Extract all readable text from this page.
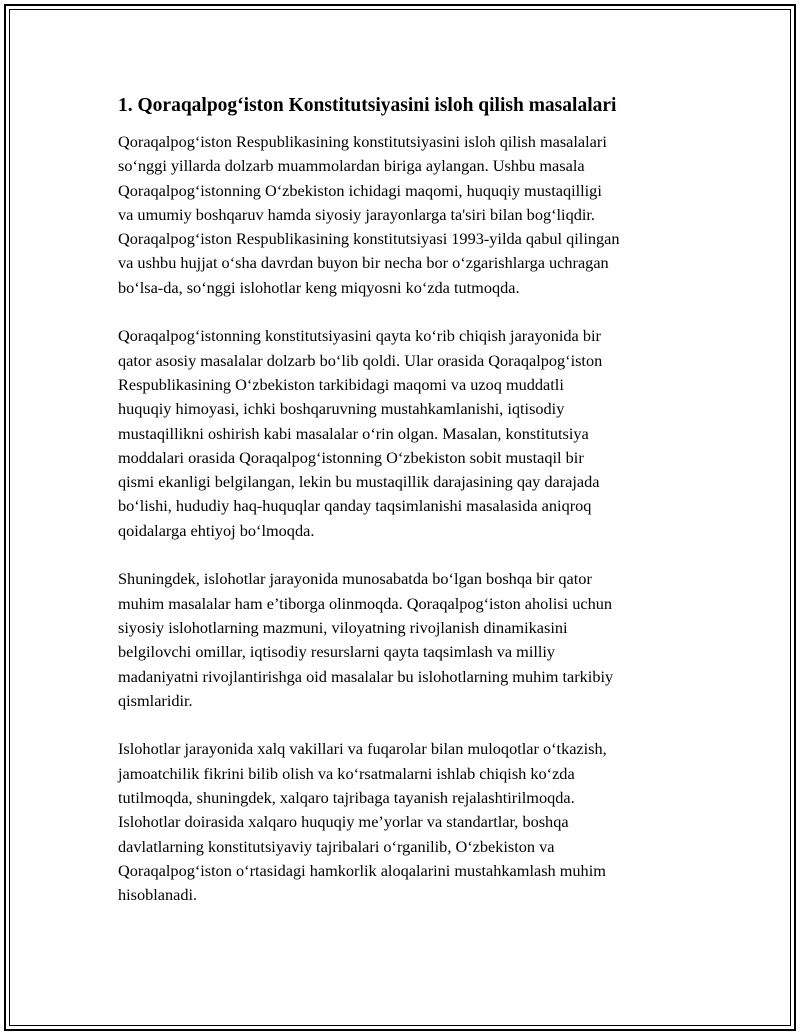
1. Qoraqalpog‘iston Konstitutsiyasini isloh qilish masalalari

Qoraqalpog‘iston Respublikasining konstitutsiyasini isloh qilish masalalari
so‘nggi yillarda dolzarb muammolardan biriga aylangan. Ushbu masala
Qoraqalpog‘istonning O‘zbekiston ichidagi maqomi, huquqiy mustaqilligi
va umumiy boshqaruv hamda siyosiy jarayonlarga ta'siri bilan bog‘liqdir.
Qoraqalpog‘iston Respublikasining konstitutsiyasi 1993-yilda qabul qilingan
va ushbu hujjat o‘sha davrdan buyon bir necha bor o‘zgarishlarga uchragan
bo‘lsa-da, so‘nggi islohotlar keng miqyosni ko‘zda tutmoqda.

Qoraqalpog‘istonning konstitutsiyasini qayta ko‘rib chiqish jarayonida bir
qator asosiy masalalar dolzarb bo‘lib qoldi. Ular orasida Qoraqalpog‘iston
Respublikasining O‘zbekiston tarkibidagi maqomi va uzoq muddatli
huquqiy himoyasi, ichki boshqaruvning mustahkamlanishi, iqtisodiy
mustaqillikni oshirish kabi masalalar o‘rin olgan. Masalan, konstitutsiya
moddalari orasida Qoraqalpog‘istonning O‘zbekiston sobit mustaqil bir
qismi ekanligi belgilangan, lekin bu mustaqillik darajasining qay darajada
bo‘lishi, hududiy haq-huquqlar qanday taqsimlanishi masalasida aniqroq
qoidalarga ehtiyoj bo‘lmoqda.

Shuningdek, islohotlar jarayonida munosabatda bo‘lgan boshqa bir qator
muhim masalalar ham e’tiborga olinmoqda. Qoraqalpog‘iston aholisi uchun
siyosiy islohotlarning mazmuni, viloyatning rivojlanish dinamikasini
belgilovchi omillar, iqtisodiy resurslarni qayta taqsimlash va milliy
madaniyatni rivojlantirishga oid masalalar bu islohotlarning muhim tarkibiy
qismlaridir.

Islohotlar jarayonida xalq vakillari va fuqarolar bilan muloqotlar o‘tkazish,
jamoatchilik fikrini bilib olish va ko‘rsatmalarni ishlab chiqish ko‘zda
tutilmoqda, shuningdek, xalqaro tajribaga tayanish rejalashtirilmoqda.
Islohotlar doirasida xalqaro huquqiy me’yorlar va standartlar, boshqa
davlatlarning konstitutsiyaviy tajribalari o‘rganilib, O‘zbekiston va
Qoraqalpog‘iston o‘rtasidagi hamkorlik aloqalarini mustahkamlash muhim
hisoblanadi.
